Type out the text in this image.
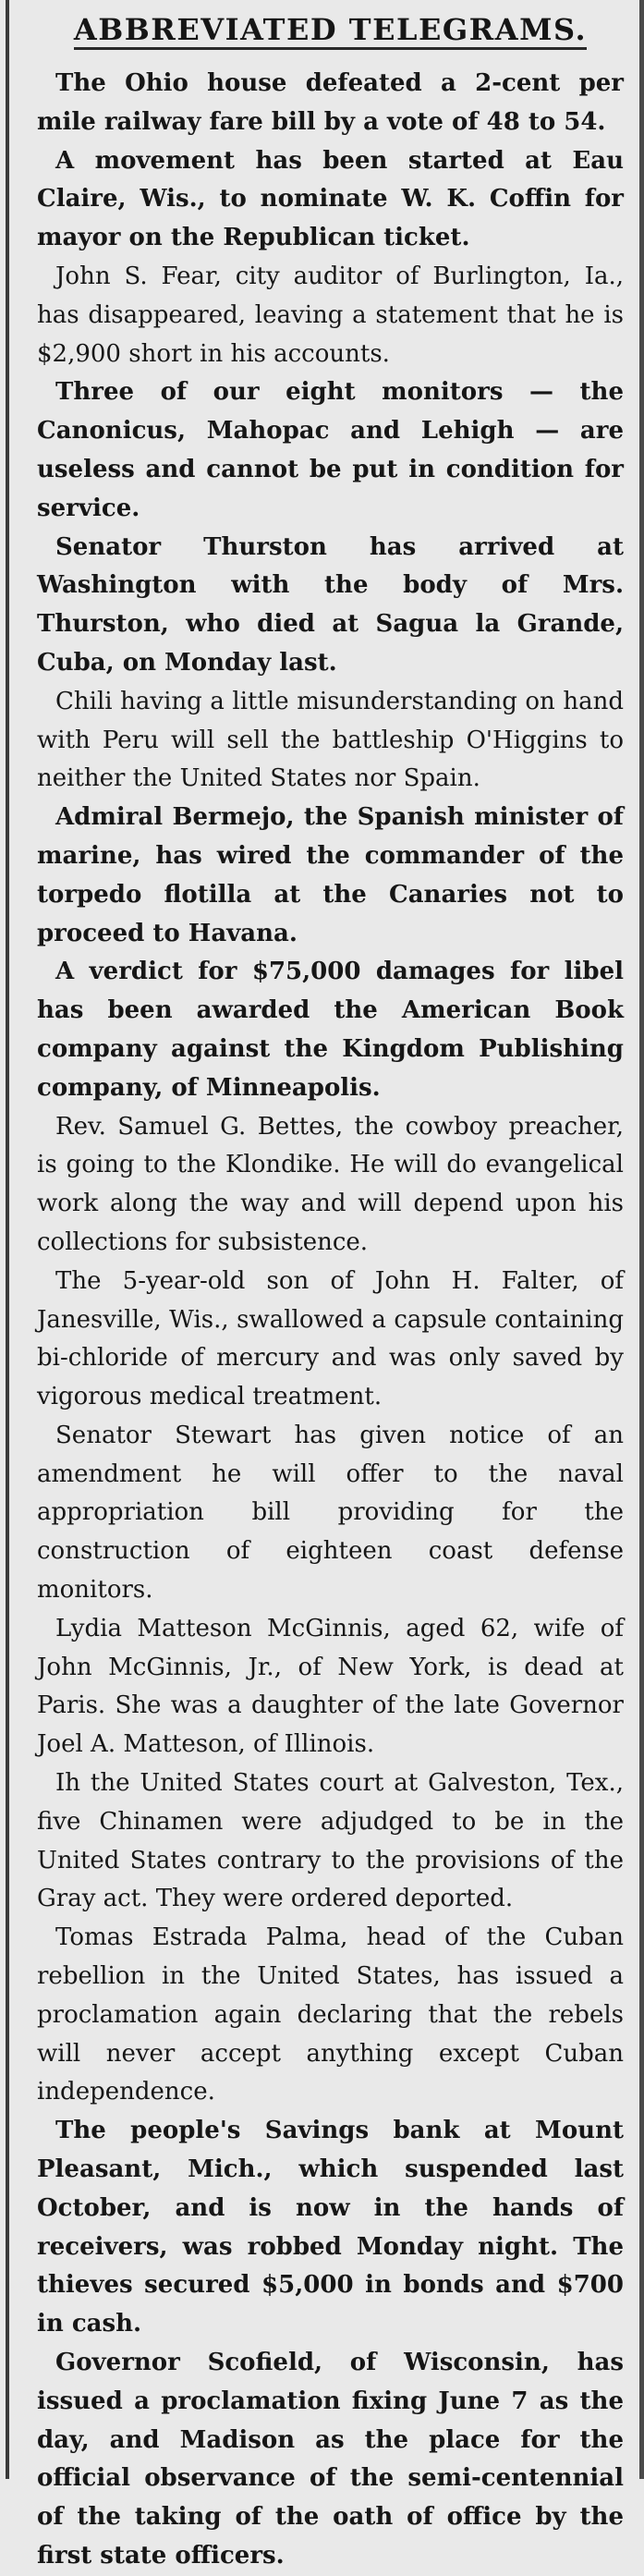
ABBREVIATED TELEGRAMS.

The Ohio house defeated a 2-cent per mile railway fare bill by a vote of 48 to 54.

A movement has been started at Eau Claire, Wis., to nominate W. K. Coffin for mayor on the Republican ticket.

John S. Fear, city auditor of Burlington, Ia., has disappeared, leaving a statement that he is $2,900 short in his accounts.

Three of our eight monitors — the Canonicus, Mahopac and Lehigh — are useless and cannot be put in condition for service.

Senator Thurston has arrived at Washington with the body of Mrs. Thurston, who died at Sagua la Grande, Cuba, on Monday last.

Chili having a little misunderstanding on hand with Peru will sell the battleship O'Higgins to neither the United States nor Spain.

Admiral Bermejo, the Spanish minister of marine, has wired the commander of the torpedo flotilla at the Canaries not to proceed to Havana.

A verdict for $75,000 damages for libel has been awarded the American Book company against the Kingdom Publishing company, of Minneapolis.

Rev. Samuel G. Bettes, the cowboy preacher, is going to the Klondike. He will do evangelical work along the way and will depend upon his collections for subsistence.

The 5-year-old son of John H. Falter, of Janesville, Wis., swallowed a capsule containing bi-chloride of mercury and was only saved by vigorous medical treatment.

Senator Stewart has given notice of an amendment he will offer to the naval appropriation bill providing for the construction of eighteen coast defense monitors.

Lydia Matteson McGinnis, aged 62, wife of John McGinnis, Jr., of New York, is dead at Paris. She was a daughter of the late Governor Joel A. Matteson, of Illinois.

Ih the United States court at Galveston, Tex., five Chinamen were adjudged to be in the United States contrary to the provisions of the Gray act. They were ordered deported.

Tomas Estrada Palma, head of the Cuban rebellion in the United States, has issued a proclamation again declaring that the rebels will never accept anything except Cuban independence.

The people's Savings bank at Mount Pleasant, Mich., which suspended last October, and is now in the hands of receivers, was robbed Monday night. The thieves secured $5,000 in bonds and $700 in cash.

Governor Scofield, of Wisconsin, has issued a proclamation fixing June 7 as the day, and Madison as the place for the official observance of the semi-centennial of the taking of the oath of office by the first state officers.
